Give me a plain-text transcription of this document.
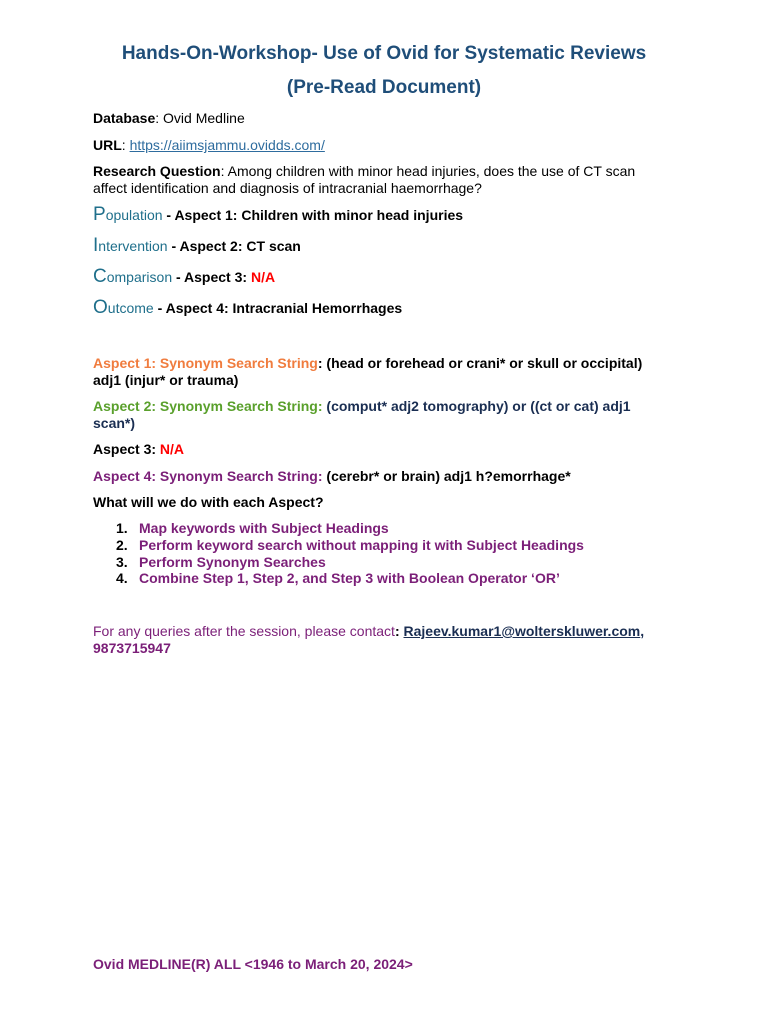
Hands-On-Workshop- Use of Ovid for Systematic Reviews
(Pre-Read Document)
Database: Ovid Medline
URL: https://aiimsjammu.ovidds.com/
Research Question: Among children with minor head injuries, does the use of CT scan affect identification and diagnosis of intracranial haemorrhage?
Population - Aspect 1: Children with minor head injuries
Intervention - Aspect 2: CT scan
Comparison - Aspect 3: N/A
Outcome - Aspect 4: Intracranial Hemorrhages
Aspect 1: Synonym Search String: (head or forehead or crani* or skull or occipital) adj1 (injur* or trauma)
Aspect 2: Synonym Search String: (comput* adj2 tomography) or ((ct or cat) adj1 scan*)
Aspect 3: N/A
Aspect 4: Synonym Search String: (cerebr* or brain) adj1 h?emorrhage*
What will we do with each Aspect?
1. Map keywords with Subject Headings
2. Perform keyword search without mapping it with Subject Headings
3. Perform Synonym Searches
4. Combine Step 1, Step 2, and Step 3 with Boolean Operator ‘OR’
For any queries after the session, please contact: Rajeev.kumar1@wolterskluwer.com,
9873715947
Ovid MEDLINE(R) ALL <1946 to March 20, 2024>
